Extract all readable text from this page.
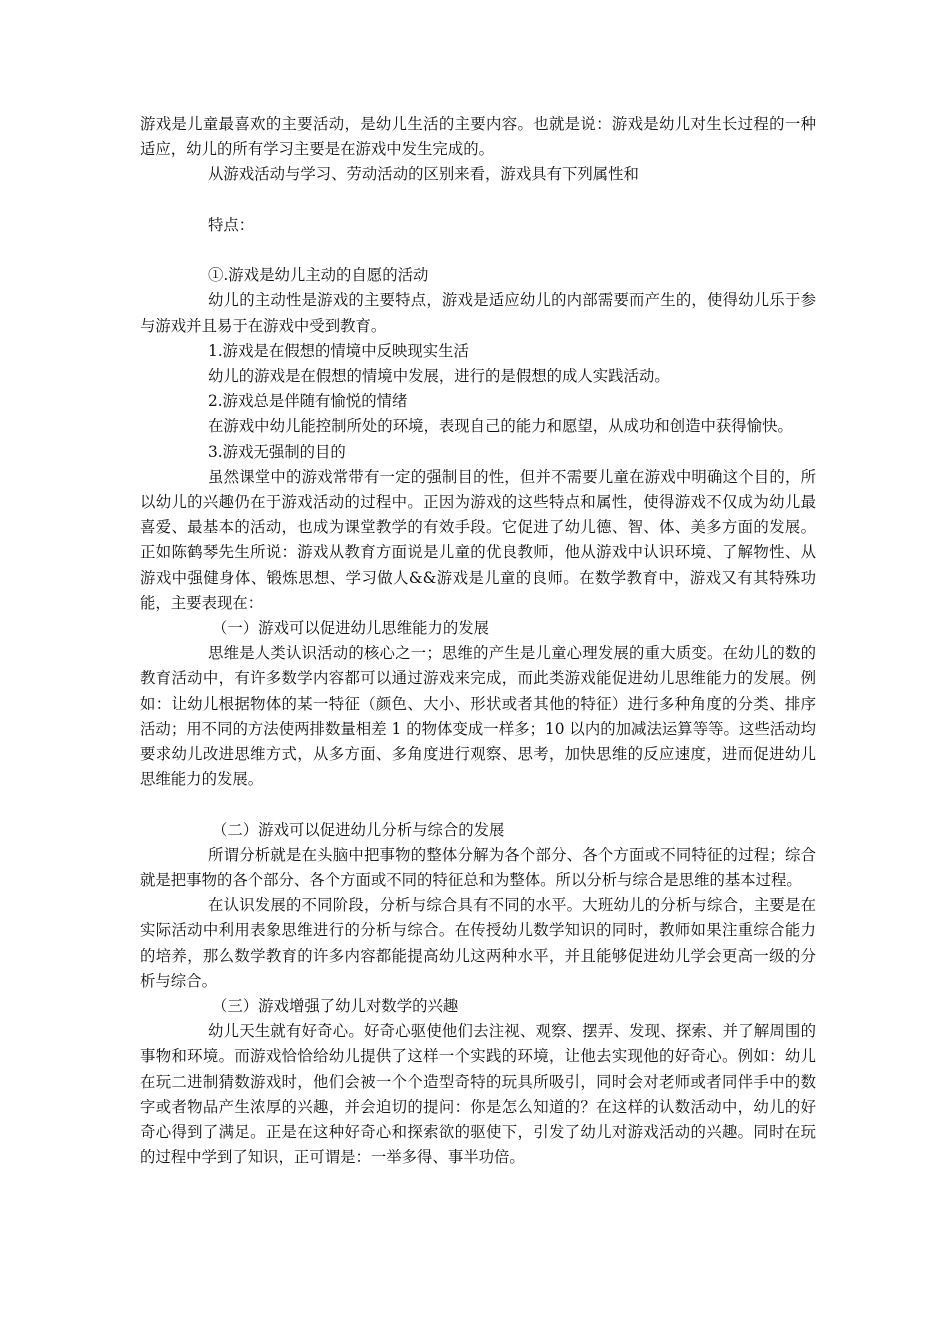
游戏是儿童最喜欢的主要活动，是幼儿生活的主要内容。也就是说：游戏是幼儿对生长过程的一种适应，幼儿的所有学习主要是在游戏中发生完成的。

从游戏活动与学习、劳动活动的区别来看，游戏具有下列属性和

特点：

①.游戏是幼儿主动的自愿的活动

幼儿的主动性是游戏的主要特点，游戏是适应幼儿的内部需要而产生的，使得幼儿乐于参与游戏并且易于在游戏中受到教育。

1.游戏是在假想的情境中反映现实生活

幼儿的游戏是在假想的情境中发展，进行的是假想的成人实践活动。

2.游戏总是伴随有愉悦的情绪

在游戏中幼儿能控制所处的环境，表现自己的能力和愿望，从成功和创造中获得愉快。

3.游戏无强制的目的

虽然课堂中的游戏常带有一定的强制目的性，但并不需要儿童在游戏中明确这个目的，所以幼儿的兴趣仍在于游戏活动的过程中。正因为游戏的这些特点和属性，使得游戏不仅成为幼儿最喜爱、最基本的活动，也成为课堂教学的有效手段。它促进了幼儿德、智、体、美多方面的发展。正如陈鹤琴先生所说：游戏从教育方面说是儿童的优良教师，他从游戏中认识环境、了解物性、从游戏中强健身体、锻炼思想、学习做人&&游戏是儿童的良师。在数学教育中，游戏又有其特殊功能，主要表现在：

（一）游戏可以促进幼儿思维能力的发展

思维是人类认识活动的核心之一；思维的产生是儿童心理发展的重大质变。在幼儿的数的教育活动中，有许多数学内容都可以通过游戏来完成，而此类游戏能促进幼儿思维能力的发展。例如：让幼儿根据物体的某一特征（颜色、大小、形状或者其他的特征）进行多种角度的分类、排序活动；用不同的方法使两排数量相差 1 的物体变成一样多；10 以内的加减法运算等等。这些活动均要求幼儿改进思维方式，从多方面、多角度进行观察、思考，加快思维的反应速度，进而促进幼儿思维能力的发展。

（二）游戏可以促进幼儿分析与综合的发展

所谓分析就是在头脑中把事物的整体分解为各个部分、各个方面或不同特征的过程；综合就是把事物的各个部分、各个方面或不同的特征总和为整体。所以分析与综合是思维的基本过程。

在认识发展的不同阶段，分析与综合具有不同的水平。大班幼儿的分析与综合，主要是在实际活动中利用表象思维进行的分析与综合。在传授幼儿数学知识的同时，教师如果注重综合能力的培养，那么数学教育的许多内容都能提高幼儿这两种水平，并且能够促进幼儿学会更高一级的分析与综合。

（三）游戏增强了幼儿对数学的兴趣

幼儿天生就有好奇心。好奇心驱使他们去注视、观察、摆弄、发现、探索、并了解周围的事物和环境。而游戏恰恰给幼儿提供了这样一个实践的环境，让他去实现他的好奇心。例如：幼儿在玩二进制猜数游戏时，他们会被一个个造型奇特的玩具所吸引，同时会对老师或者同伴手中的数字或者物品产生浓厚的兴趣，并会迫切的提问：你是怎么知道的？在这样的认数活动中，幼儿的好奇心得到了满足。正是在这种好奇心和探索欲的驱使下，引发了幼儿对游戏活动的兴趣。同时在玩的过程中学到了知识，正可谓是：一举多得、事半功倍。
